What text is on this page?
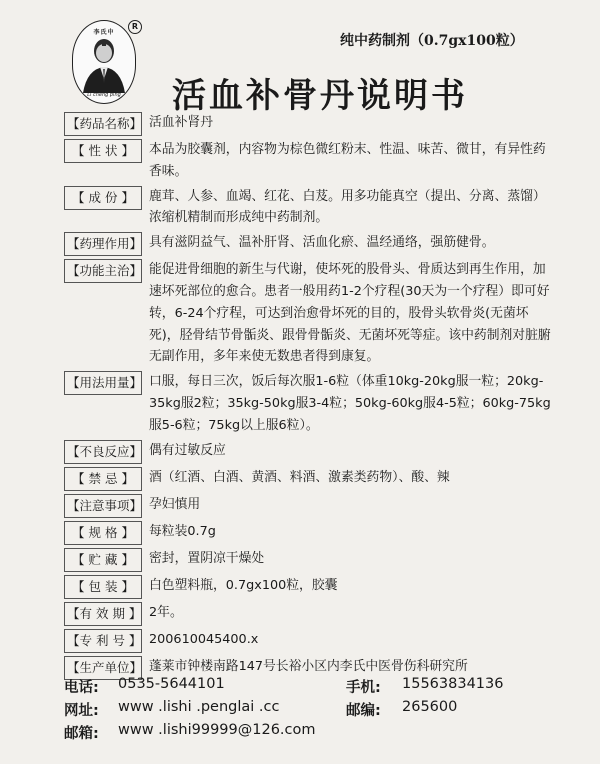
李氏中
Li cheng ping
R
纯中药制剂（0.7gx100粒）
活血补骨丹说明书
【药品名称】 活血补肾丹
【 性 状 】	本品为胶囊剂，内容物为棕色微红粉末、性温、味苦、微甘，有异性药香味。
【 成 份 】	鹿茸、人参、血竭、红花、白芨。用多功能真空（提出、分离、蒸馏）浓缩机精制而形成纯中药制剂。
【药理作用】 具有滋阴益气、温补肝肾、活血化瘀、温经通络，强筋健骨。
【功能主治】 能促进骨细胞的新生与代谢，使坏死的股骨头、骨质达到再生作用，加速坏死部位的愈合。患者一般用药1-2个疗程(30天为一个疗程）即可好转，6-24个疗程，可达到治愈骨坏死的目的，股骨头软骨炎(无菌坏死)，胫骨结节骨骺炎、跟骨骨骺炎、无菌坏死等症。该中药制剂对脏腑无副作用，多年来使无数患者得到康复。
【用法用量】 口服，每日三次，饭后每次服1-6粒（体重10kg-20kg服一粒；20kg-35kg服2粒；35kg-50kg服3-4粒；50kg-60kg服4-5粒；60kg-75kg服5-6粒；75kg以上服6粒）。
【不良反应】 偶有过敏反应
【 禁 忌 】	酒（红酒、白酒、黄酒、料酒、激素类药物）、酸、辣
【注意事项】 孕妇慎用
【 规 格 】	每粒装0.7g
【 贮 藏 】	密封，置阴凉干燥处
【 包 装 】	白色塑料瓶，0.7gx100粒，胶囊
【有 效 期 】 2年。
【专 利 号 】 200610045400.x
【生产单位】 蓬莱市钟楼南路147号长裕小区内李氏中医骨伤科研究所
电话: 0535-5644101	手机: 15563834136
网址: www .lishi .penglai .cc	邮编: 265600
邮箱: www .lishi99999@126.com
